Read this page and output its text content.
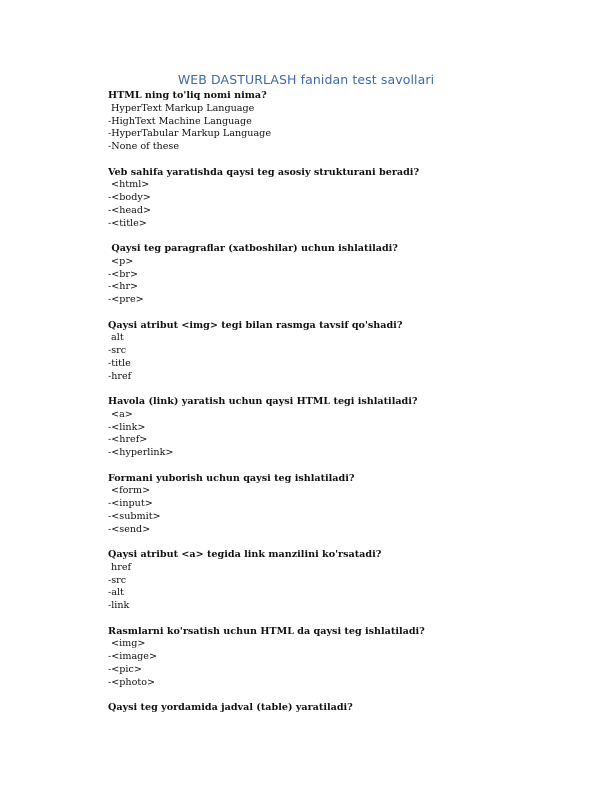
WEB DASTURLASH fanidan test savollari
HTML ning to'liq nomi nima?
HyperText Markup Language
-HighText Machine Language
-HyperTabular Markup Language
-None of these
Veb sahifa yaratishda qaysi teg asosiy strukturani beradi?
<html>
-<body>
-<head>
-<title>
Qaysi teg paragraflar (xatboshilar) uchun ishlatiladi?
<p>
-<br>
-<hr>
-<pre>
Qaysi atribut <img> tegi bilan rasmga tavsif qo'shadi?
alt
-src
-title
-href
Havola (link) yaratish uchun qaysi HTML tegi ishlatiladi?
<a>
-<link>
-<href>
-<hyperlink>
Formani yuborish uchun qaysi teg ishlatiladi?
<form>
-<input>
-<submit>
-<send>
Qaysi atribut <a> tegida link manzilini ko'rsatadi?
href
-src
-alt
-link
Rasmlarni ko'rsatish uchun HTML da qaysi teg ishlatiladi?
<img>
-<image>
-<pic>
-<photo>
Qaysi teg yordamida jadval (table) yaratiladi?
